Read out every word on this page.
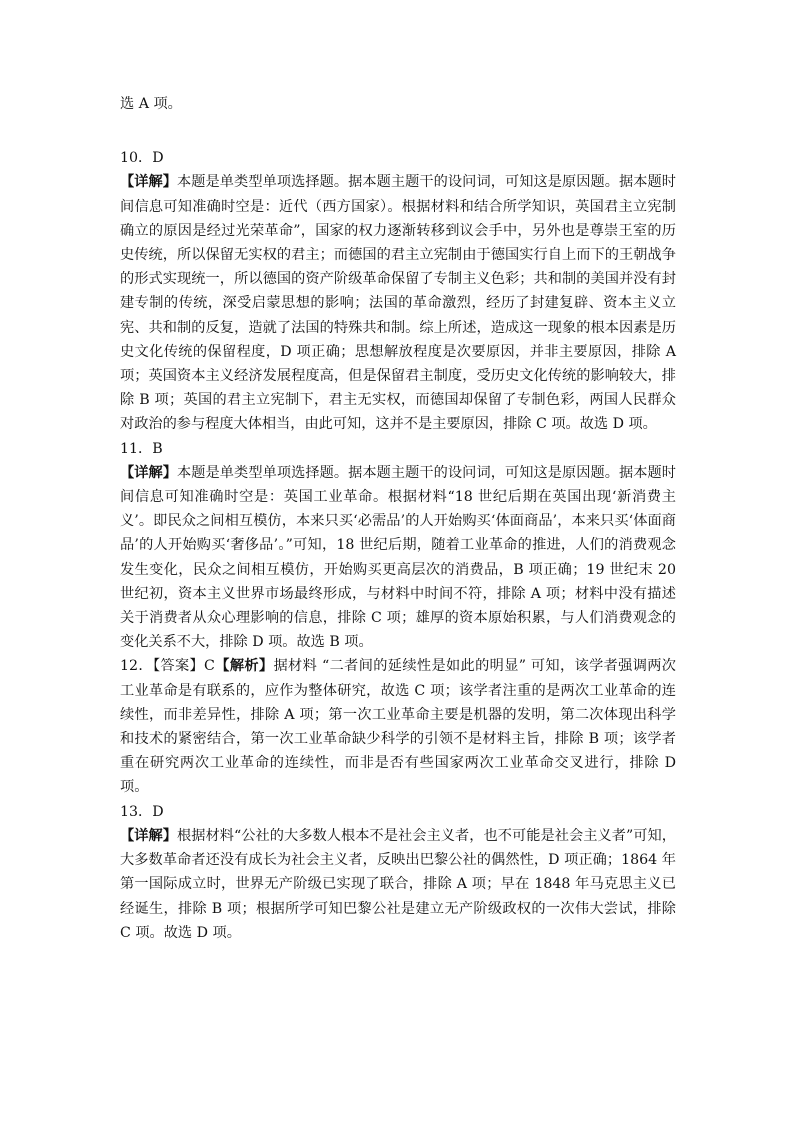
选 A 项。

10．D

【详解】本题是单类型单项选择题。据本题主题干的设问词，可知这是原因题。据本题时间信息可知准确时空是：近代（西方国家）。根据材料和结合所学知识，英国君主立宪制确立的原因是经过光荣革命”，国家的权力逐渐转移到议会手中，另外也是尊崇王室的历史传统，所以保留无实权的君主；而德国的君主立宪制由于德国实行自上而下的王朝战争的形式实现统一，所以德国的资产阶级革命保留了专制主义色彩；共和制的美国并没有封建专制的传统，深受启蒙思想的影响；法国的革命激烈，经历了封建复辟、资本主义立宪、共和制的反复，造就了法国的特殊共和制。综上所述，造成这一现象的根本因素是历史文化传统的保留程度，D 项正确；思想解放程度是次要原因，并非主要原因，排除 A 项；英国资本主义经济发展程度高，但是保留君主制度，受历史文化传统的影响较大，排除 B 项；英国的君主立宪制下，君主无实权，而德国却保留了专制色彩，两国人民群众对政治的参与程度大体相当，由此可知，这并不是主要原因，排除 C 项。故选 D 项。

11．B

【详解】本题是单类型单项选择题。据本题主题干的设问词，可知这是原因题。据本题时间信息可知准确时空是：英国工业革命。根据材料“18 世纪后期在英国出现‘新消费主义’。即民众之间相互模仿，本来只买‘必需品’的人开始购买‘体面商品’，本来只买‘体面商品’的人开始购买‘奢侈品’。”可知，18 世纪后期，随着工业革命的推进，人们的消费观念发生变化，民众之间相互模仿，开始购买更高层次的消费品，B 项正确；19 世纪末 20 世纪初，资本主义世界市场最终形成，与材料中时间不符，排除 A 项；材料中没有描述关于消费者从众心理影响的信息，排除 C 项；雄厚的资本原始积累，与人们消费观念的变化关系不大，排除 D 项。故选 B 项。

12．【答案】C【解析】据材料 “二者间的延续性是如此的明显” 可知，该学者强调两次工业革命是有联系的，应作为整体研究，故选 C 项；该学者注重的是两次工业革命的连续性，而非差异性，排除 A 项；第一次工业革命主要是机器的发明，第二次体现出科学和技术的紧密结合，第一次工业革命缺少科学的引领不是材料主旨，排除 B 项；该学者重在研究两次工业革命的连续性，而非是否有些国家两次工业革命交叉进行，排除 D 项。

13．D

【详解】根据材料“公社的大多数人根本不是社会主义者，也不可能是社会主义者”可知，大多数革命者还没有成长为社会主义者，反映出巴黎公社的偶然性，D 项正确；1864 年第一国际成立时，世界无产阶级已实现了联合，排除 A 项；早在 1848 年马克思主义已经诞生，排除 B 项；根据所学可知巴黎公社是建立无产阶级政权的一次伟大尝试，排除 C 项。故选 D 项。
